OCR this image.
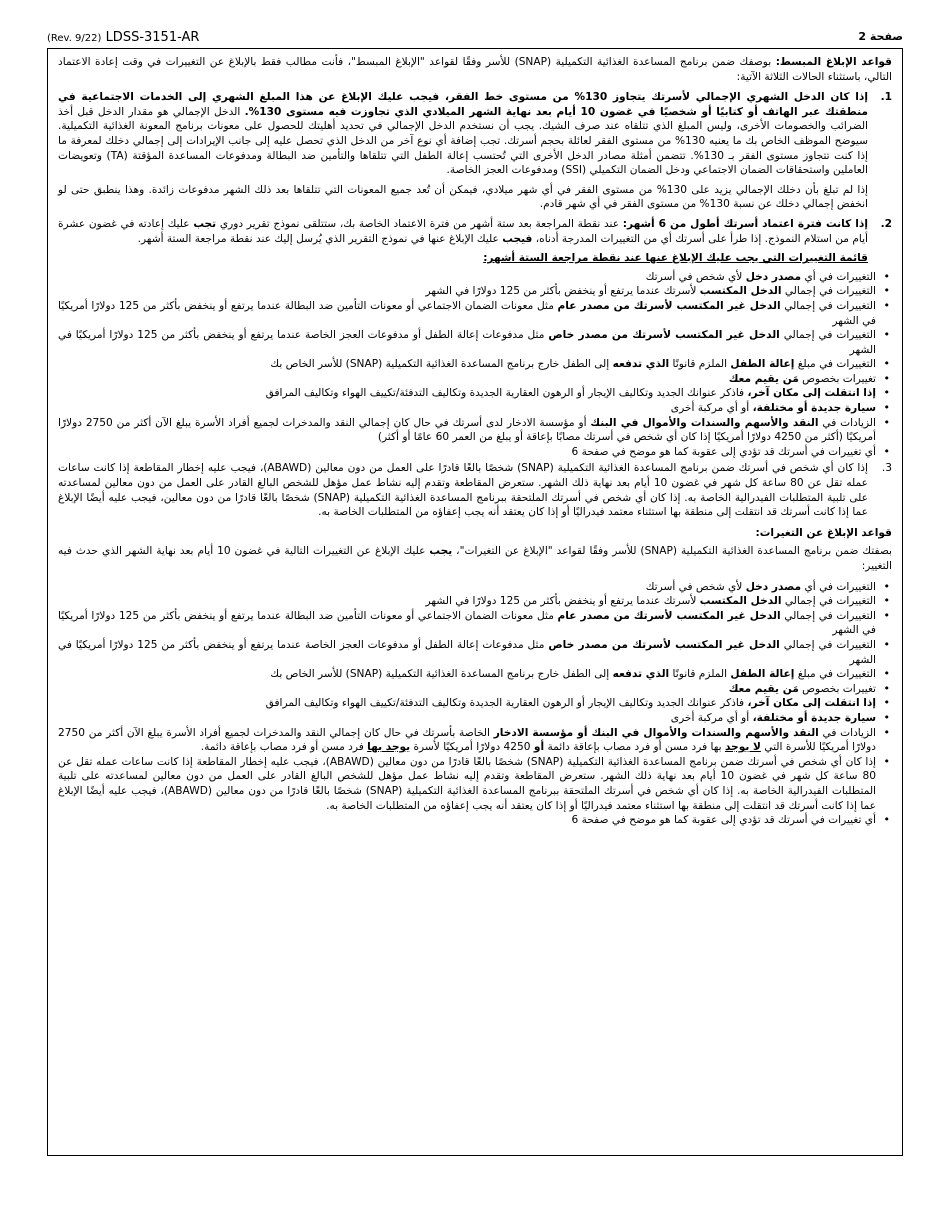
(Rev. 9/22) LDSS-3151-AR	صفحة 2

قواعد الإبلاغ المبسط: بوصفك ضمن برنامج المساعدة الغذائية التكميلية (SNAP) للأسر وفقًا لقواعد "الإبلاغ المبسط"، فأنت مطالب فقط بالإبلاغ عن التغييرات في وقت إعادة الاعتماد التالي، باستثناء الحالات الثلاثة الآتية:

1.

إذا كان الدخل الشهري الإجمالي لأسرتك يتجاوز 130% من مستوى خط الفقر، فيجب عليك الإبلاغ عن هذا المبلغ الشهري إلى الخدمات الاجتماعية في منطقتك عبر الهاتف أو كتابيًا أو شخصيًا في غضون 10 أيام بعد نهاية الشهر الميلادي الذي تجاوزت فيه مستوى 130%. الدخل الإجمالي هو مقدار الدخل قبل أخذ الضرائب والخصومات الأخرى، وليس المبلغ الذي تتلقاه عند صرف الشيك. يجب أن نستخدم الدخل الإجمالي في تحديد أهليتك للحصول على معونات برنامج المعونة الغذائية التكميلية. سيوضح الموظف الخاص بك ما يعنيه 130% من مستوى الفقر لعائلة بحجم أسرتك. تجب إضافة أي نوع آخر من الدخل الذي تحصل عليه إلى جانب الإيرادات إلى إجمالي دخلك لمعرفة ما إذا كنت تتجاوز مستوى الفقر بـ 130%. تتضمن أمثلة مصادر الدخل الأخرى التي تُحتسب إعالة الطفل التي تتلقاها والتأمين ضد البطالة ومدفوعات المساعدة المؤقتة (TA) وتعويضات العاملين واستحقاقات الضمان الاجتماعي ودخل الضمان التكميلي (SSI) ومدفوعات العجز الخاصة.

إذا لم تبلغ بأن دخلك الإجمالي يزيد على 130% من مستوى الفقر في أي شهر ميلادي، فيمكن أن تُعد جميع المعونات التي تتلقاها بعد ذلك الشهر مدفوعات زائدة. وهذا ينطبق حتى لو انخفض إجمالي دخلك عن نسبة 130% من مستوى الفقر في أي شهر قادم.

2.

إذا كانت فترة اعتماد أسرتك أطول من 6 أشهر: عند نقطة المراجعة بعد ستة أشهر من فترة الاعتماد الخاصة بك، ستتلقى نموذج تقرير دوري تجب عليك إعادته في غضون عشرة أيام من استلام النموذج. إذا طرأ على أسرتك أي من التغييرات المدرجة أدناه، فيجب عليك الإبلاغ عنها في نموذج التقرير الذي يُرسل إليك عند نقطة مراجعة الستة أشهر.

قائمة التغييرات التي يجب عليك الإبلاغ عنها عند نقطة مراجعة الستة أشهر:

• التغييرات في أي مصدر دخل لأي شخص في أسرتك
• التغييرات في إجمالي الدخل المكتسب لأسرتك عندما يرتفع أو ينخفض بأكثر من 125 دولارًا في الشهر
• التغييرات في إجمالي الدخل غير المكتسب لأسرتك من مصدر عام مثل معونات الضمان الاجتماعي أو معونات التأمين ضد البطالة عندما يرتفع أو ينخفض بأكثر من 125 دولارًا أمريكيًا في الشهر
• التغييرات في إجمالي الدخل غير المكتسب لأسرتك من مصدر خاص مثل مدفوعات إعالة الطفل أو مدفوعات العجز الخاصة عندما يرتفع أو ينخفض بأكثر من 125 دولارًا أمريكيًا في الشهر
• التغييرات في مبلغ إعالة الطفل الملزم قانونًا الذي تدفعه إلى الطفل خارج برنامج المساعدة الغذائية التكميلية (SNAP) للأسر الخاص بك
• تغييرات بخصوص مَن يقيم معك
• إذا انتقلت إلى مكان آخر، فاذكر عنوانك الجديد وتكاليف الإيجار أو الرهون العقارية الجديدة وتكاليف التدفئة/تكييف الهواء وتكاليف المرافق
• سيارة جديدة أو مختلفة، أو أي مركبة أخرى
• الزيادات في النقد والأسهم والسندات والأموال في البنك أو مؤسسة الادخار لدى أسرتك في حال كان إجمالي النقد والمدخرات لجميع أفراد الأسرة يبلغ الآن أكثر من 2750 دولارًا أمريكيًا (أكثر من 4250 دولارًا أمريكيًا إذا كان أي شخص في أسرتك مصابًا بإعاقة أو يبلغ من العمر 60 عامًا أو أكثر)
• أي تغييرات في أسرتك قد تؤدي إلى عقوبة كما هو موضح في صفحة 6
3.

إذا كان أي شخص في أسرتك ضمن برنامج المساعدة الغذائية التكميلية (SNAP) شخصًا بالغًا قادرًا على العمل من دون معالين (ABAWD)، فيجب عليه إخطار المقاطعة إذا كانت ساعات عمله تقل عن 80 ساعة كل شهر في غضون 10 أيام بعد نهاية ذلك الشهر. ستعرض المقاطعة وتقدم إليه نشاط عمل مؤهل للشخص البالغ القادر على العمل من دون معالين لمساعدته على تلبية المتطلبات الفيدرالية الخاصة به. إذا كان أي شخص في أسرتك الملتحقة ببرنامج المساعدة الغذائية التكميلية (SNAP) شخصًا بالغًا قادرًا من دون معالين، فيجب عليه أيضًا الإبلاغ عما إذا كانت أسرتك قد انتقلت إلى منطقة بها استثناء معتمد فيدراليًا أو إذا كان يعتقد أنه يجب إعفاؤه من المتطلبات الخاصة به.

قواعد الإبلاغ عن التغيرات:

بصفتك ضمن برنامج المساعدة الغذائية التكميلية (SNAP) للأسر وفقًا لقواعد "الإبلاغ عن التغيرات"، يجب عليك الإبلاغ عن التغييرات التالية في غضون 10 أيام بعد نهاية الشهر الذي حدث فيه التغيير:

• التغييرات في أي مصدر دخل لأي شخص في أسرتك
• التغييرات في إجمالي الدخل المكتسب لأسرتك عندما يرتفع أو ينخفض بأكثر من 125 دولارًا في الشهر
• التغييرات في إجمالي الدخل غير المكتسب لأسرتك من مصدر عام مثل معونات الضمان الاجتماعي أو معونات التأمين ضد البطالة عندما يرتفع أو ينخفض بأكثر من 125 دولارًا أمريكيًا في الشهر
• التغييرات في إجمالي الدخل غير المكتسب لأسرتك من مصدر خاص مثل مدفوعات إعالة الطفل أو مدفوعات العجز الخاصة عندما يرتفع أو ينخفض بأكثر من 125 دولارًا أمريكيًا في الشهر
• التغييرات في مبلغ إعالة الطفل الملزم قانونًا الذي تدفعه إلى الطفل خارج برنامج المساعدة الغذائية التكميلية (SNAP) للأسر الخاص بك
• تغييرات بخصوص مَن يقيم معك
• إذا انتقلت إلى مكان آخر، فاذكر عنوانك الجديد وتكاليف الإيجار أو الرهون العقارية الجديدة وتكاليف التدفئة/تكييف الهواء وتكاليف المرافق
• سيارة جديدة أو مختلفة، أو أي مركبة أخرى
• الزيادات في النقد والأسهم والسندات والأموال في البنك أو مؤسسة الادخار الخاصة بأسرتك في حال كان إجمالي النقد والمدخرات لجميع أفراد الأسرة يبلغ الآن أكثر من 2750 دولارًا أمريكيًا للأسرة التي لا يوجد بها فرد مسن أو فرد مصاب بإعاقة دائمة أو 4250 دولارًا أمريكيًا لأسرة يوجد بها فرد مسن أو فرد مصاب بإعاقة دائمة.
• إذا كان أي شخص في أسرتك ضمن برنامج المساعدة الغذائية التكميلية (SNAP) شخصًا بالغًا قادرًا من دون معالين (ABAWD)، فيجب عليه إخطار المقاطعة إذا كانت ساعات عمله تقل عن 80 ساعة كل شهر في غضون 10 أيام بعد نهاية ذلك الشهر. ستعرض المقاطعة وتقدم إليه نشاط عمل مؤهل للشخص البالغ القادر على العمل من دون معالين لمساعدته على تلبية المتطلبات الفيدرالية الخاصة به. إذا كان أي شخص في أسرتك الملتحقة ببرنامج المساعدة الغذائية التكميلية (SNAP) شخصًا بالغًا قادرًا من دون معالين (ABAWD)، فيجب عليه أيضًا الإبلاغ عما إذا كانت أسرتك قد انتقلت إلى منطقة بها استثناء معتمد فيدراليًا أو إذا كان يعتقد أنه يجب إعفاؤه من المتطلبات الخاصة به.
• أي تغييرات في أسرتك قد تؤدي إلى عقوبة كما هو موضح في صفحة 6
